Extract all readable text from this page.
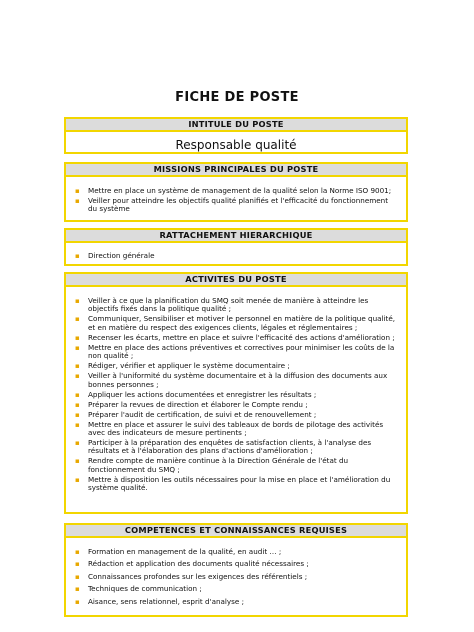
FICHE DE POSTE
INTITULE DU POSTE
Responsable qualité
MISSIONS PRINCIPALES DU POSTE
▪ Mettre en place un système de management de la qualité selon la Norme ISO 9001;
▪ Veiller pour atteindre les objectifs qualité planifiés et l'efficacité du fonctionnement du système
RATTACHEMENT HIERARCHIQUE
▪ Direction générale
ACTIVITES DU POSTE
▪ Veiller à ce que la planification du SMQ soit menée de manière à atteindre les objectifs fixés dans la politique qualité ;
▪ Communiquer, Sensibiliser et motiver le personnel en matière de la politique qualité, et en matière du respect des exigences clients, légales et réglementaires ;
▪ Recenser les écarts, mettre en place et suivre l'efficacité des actions d'amélioration ;
▪ Mettre en place des actions préventives et correctives pour minimiser les coûts de la non qualité ;
▪ Rédiger, vérifier et appliquer le système documentaire ;
▪ Veiller à l'uniformité du système documentaire et à la diffusion des documents aux bonnes personnes ;
▪ Appliquer les actions documentées et enregistrer les résultats ;
▪ Préparer la revues de direction et élaborer le Compte rendu ;
▪ Préparer l'audit de certification, de suivi et de renouvellement ;
▪ Mettre en place et assurer le suivi des tableaux de bords de pilotage des activités avec des indicateurs de mesure pertinents ;
▪ Participer à la préparation des enquêtes de satisfaction clients, à l'analyse des résultats et à l'élaboration des plans d'actions d'amélioration ;
▪ Rendre compte de manière continue à la Direction Générale de l'état du fonctionnement du SMQ ;
▪ Mettre à disposition les outils nécessaires pour la mise en place et l'amélioration du système qualité.
COMPETENCES ET CONNAISSANCES REQUISES
▪ Formation en management de la qualité, en audit … ;
▪ Rédaction et application des documents qualité nécessaires ;
▪ Connaissances profondes sur les exigences des référentiels ;
▪ Techniques de communication ;
▪ Aisance, sens relationnel, esprit d'analyse ;
